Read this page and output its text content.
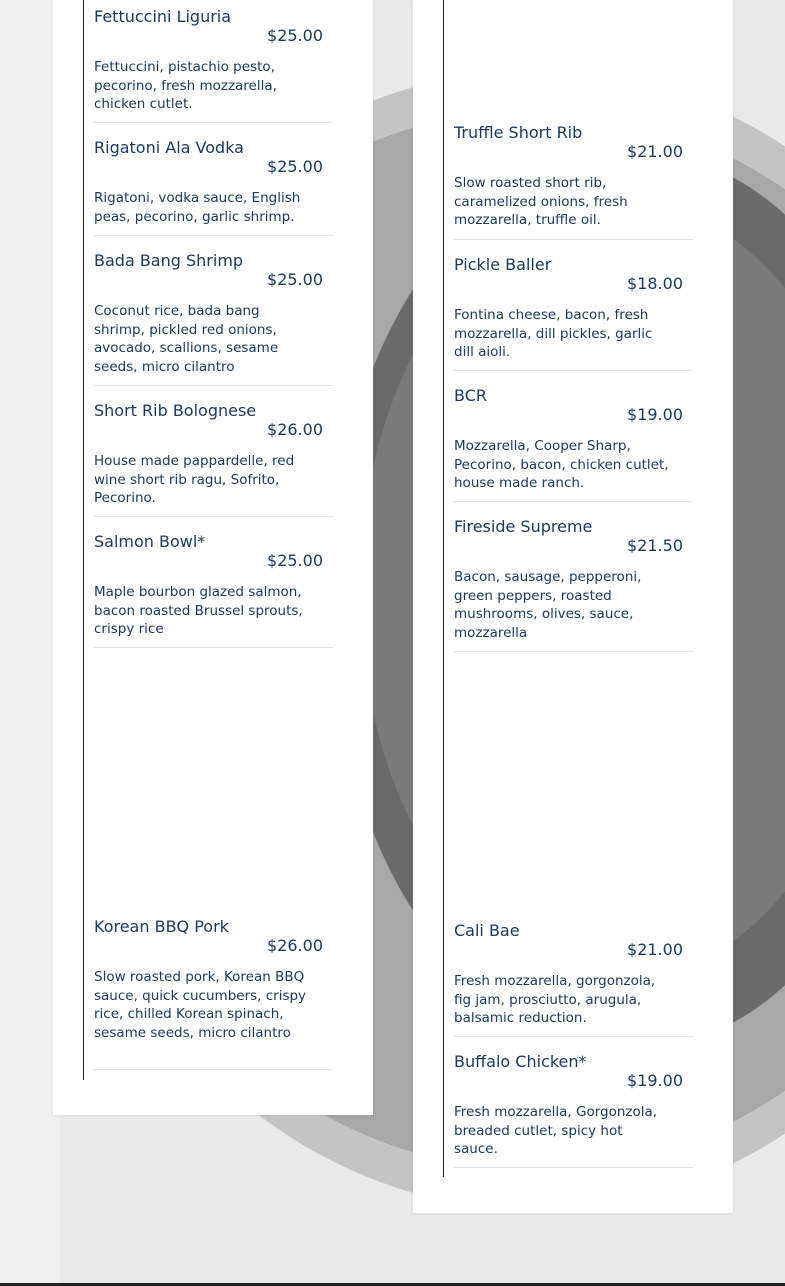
Fettuccini Liguria
$25.00
Fettuccini, pistachio pesto, pecorino, fresh mozzarella, chicken cutlet.
Rigatoni Ala Vodka
$25.00
Rigatoni, vodka sauce, English peas, pecorino, garlic shrimp.
Bada Bang Shrimp
$25.00
Coconut rice, bada bang shrimp, pickled red onions, avocado, scallions, sesame seeds, micro cilantro
Short Rib Bolognese
$26.00
House made pappardelle, red wine short rib ragu, Sofrito, Pecorino.
Salmon Bowl*
$25.00
Maple bourbon glazed salmon, bacon roasted Brussel sprouts, crispy rice
Korean BBQ Pork
$26.00
Slow roasted pork, Korean BBQ sauce, quick cucumbers, crispy rice, chilled Korean spinach, sesame seeds, micro cilantro
Truffle Short Rib
$21.00
Slow roasted short rib, caramelized onions, fresh mozzarella, truffle oil.
Pickle Baller
$18.00
Fontina cheese, bacon, fresh mozzarella, dill pickles, garlic dill aioli.
BCR
$19.00
Mozzarella, Cooper Sharp, Pecorino, bacon, chicken cutlet, house made ranch.
Fireside Supreme
$21.50
Bacon, sausage, pepperoni, green peppers, roasted mushrooms, olives, sauce, mozzarella
Cali Bae
$21.00
Fresh mozzarella, gorgonzola, fig jam, prosciutto, arugula, balsamic reduction.
Buffalo Chicken*
$19.00
Fresh mozzarella, Gorgonzola, breaded cutlet, spicy hot sauce.
